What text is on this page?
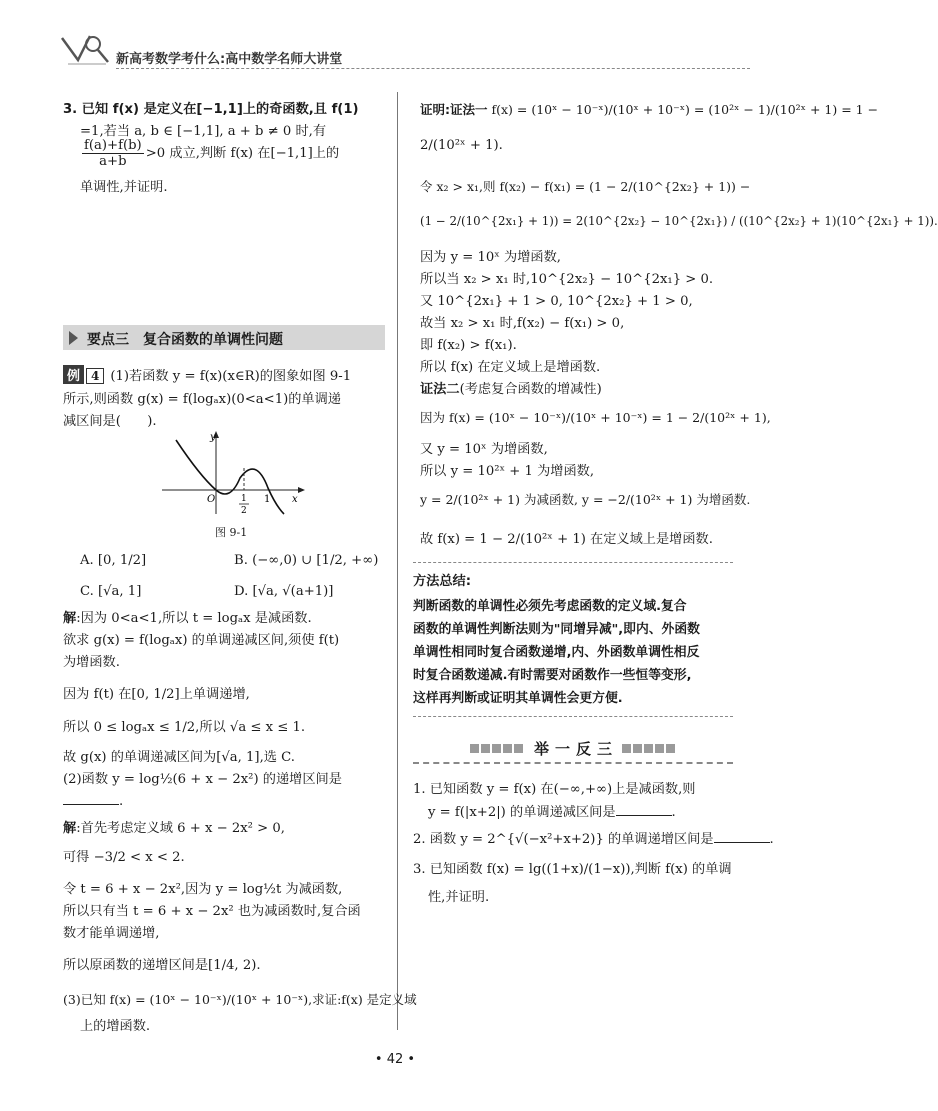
新高考数学考什么:高中数学名师大讲堂
3. 已知 f(x) 是定义在[−1,1]上的奇函数,且 f(1)
=1,若当 a, b ∈ [−1,1], a + b ≠ 0 时,有
$\frac{f(a)+f(b)}{a+b} >0$ 成立,判断 f(x) 在[−1,1]上的
单调性,并证明.
要点三　复合函数的单调性问题
例 4 (1)若函数 y = f(x)(x∈R)的图象如图 9-1
所示,则函数 g(x) = f(logₐx)(0<a<1)的单调递
减区间是(　　).
O
y
x
1
1
2
图 9-1
A. [0, 1/2]	B. (−∞,0) ∪ [1/2, +∞)
C. [√a, 1]	D. [√a, √(a+1)]
解:因为 0<a<1,所以 t = logₐx 是减函数.
欲求 g(x) = f(logₐx) 的单调递减区间,须使 f(t)
为增函数.
因为 f(t) 在[0, 1/2]上单调递增,
所以 0 ≤ logₐx ≤ 1/2,所以 √a ≤ x ≤ 1.
故 g(x) 的单调递减区间为[√a, 1],选 C.
(2)函数 y = log½(6 + x − 2x²) 的递增区间是
.
解:首先考虑定义域 6 + x − 2x² > 0,
可得 −3/2 < x < 2.
令 t = 6 + x − 2x²,因为 y = log½t 为减函数,
所以只有当 t = 6 + x − 2x² 也为减函数时,复合函
数才能单调递增,
所以原函数的递增区间是[1/4, 2).
(3)已知 f(x) = (10ˣ − 10⁻ˣ)/(10ˣ + 10⁻ˣ),求证:f(x) 是定义域
上的增函数.
证明:证法一 f(x) = (10ˣ − 10⁻ˣ)/(10ˣ + 10⁻ˣ) = (10²ˣ − 1)/(10²ˣ + 1) = 1 −
2/(10²ˣ + 1).
令 x₂ > x₁,则 f(x₂) − f(x₁) = (1 − 2/(10^{2x₂} + 1)) −
(1 − 2/(10^{2x₁} + 1)) = 2(10^{2x₂} − 10^{2x₁}) / ((10^{2x₂} + 1)(10^{2x₁} + 1)).
因为 y = 10ˣ 为增函数,
所以当 x₂ > x₁ 时,10^{2x₂} − 10^{2x₁} > 0.
又 10^{2x₁} + 1 > 0, 10^{2x₂} + 1 > 0,
故当 x₂ > x₁ 时,f(x₂) − f(x₁) > 0,
即 f(x₂) > f(x₁).
所以 f(x) 在定义域上是增函数.
证法二(考虑复合函数的增减性)
因为 f(x) = (10ˣ − 10⁻ˣ)/(10ˣ + 10⁻ˣ) = 1 − 2/(10²ˣ + 1),
又 y = 10ˣ 为增函数,
所以 y = 10²ˣ + 1 为增函数,
y = 2/(10²ˣ + 1) 为减函数, y = −2/(10²ˣ + 1) 为增函数.
故 f(x) = 1 − 2/(10²ˣ + 1) 在定义域上是增函数.
方法总结:
判断函数的单调性必须先考虑函数的定义域.复合
函数的单调性判断法则为"同增异减",即内、外函数
单调性相同时复合函数递增,内、外函数单调性相反
时复合函数递减.有时需要对函数作一些恒等变形,
这样再判断或证明其单调性会更方便.
举一反三
1. 已知函数 y = f(x) 在(−∞,+∞)上是减函数,则
y = f(|x+2|) 的单调递减区间是	.
2. 函数 y = 2^{√(−x²+x+2)} 的单调递增区间是	.
3. 已知函数 f(x) = lg((1+x)/(1−x)),判断 f(x) 的单调
性,并证明.
• 42 •
